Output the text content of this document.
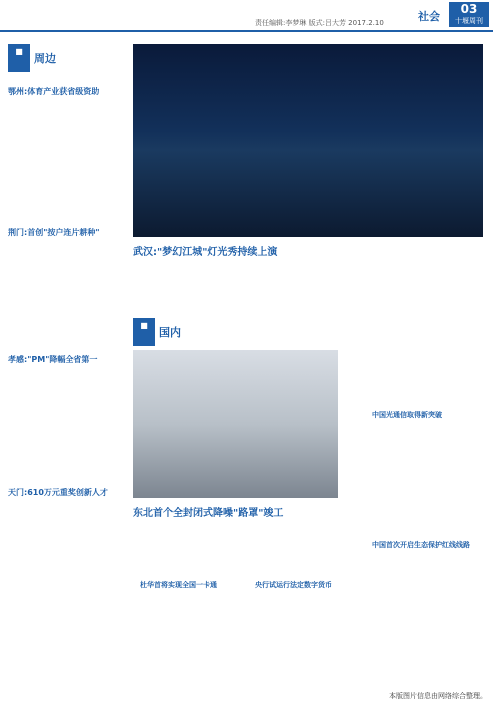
责任编辑:李梦琳 版式:吕大芳 2017.2.10	社会
03
十堰周刊
■
周边
■
国内
鄂州:体育产业获省级资助
荆门:首创"按户连片耕种"
孝感:"PM"降幅全省第一
天门:610万元重奖创新人才
武汉:"梦幻江城"灯光秀持续上演
东北首个全封闭式降噪"路罩"竣工
杜华首将实现全国一卡通	央行试运行法定数字货币
中国光通信取得新突破
中国首次开启生态保护红线线路
本版图片信息由网络综合整理。
